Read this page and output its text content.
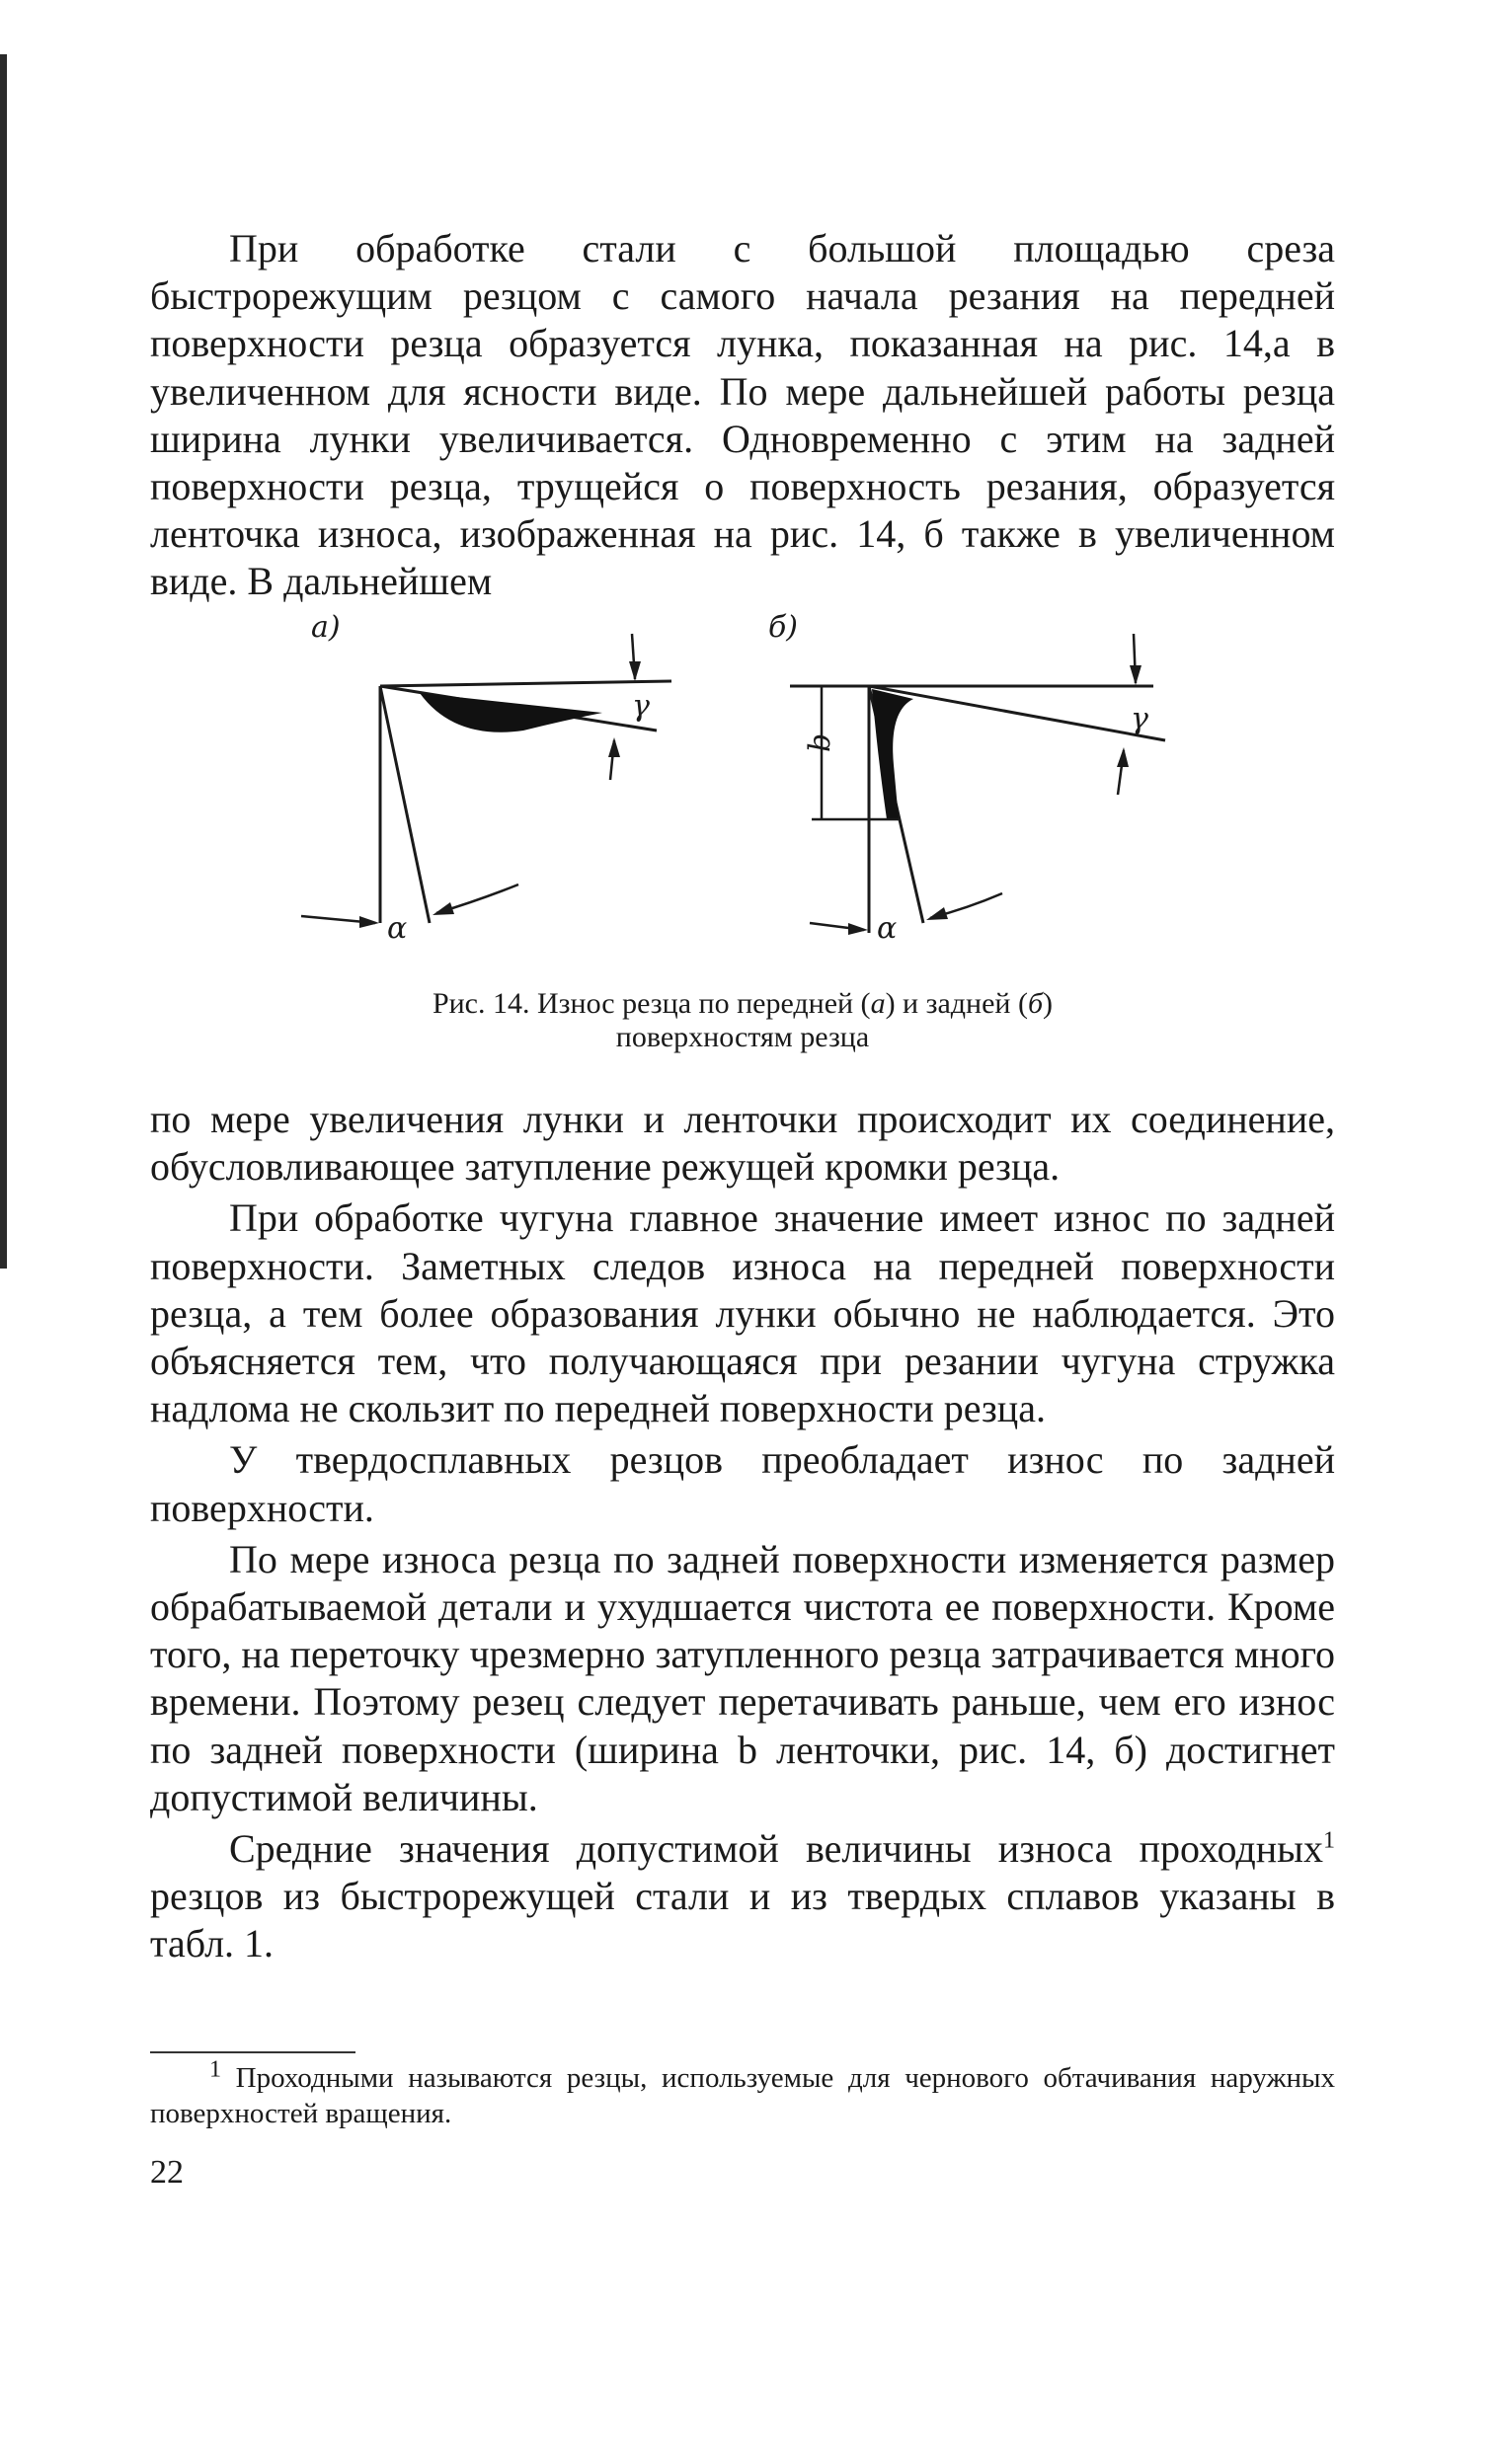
При обработке стали с большой площадью среза быстрорежущим резцом с самого начала резания на передней поверхности резца образуется лунка, показанная на рис. 14,а в увеличенном для ясности виде. По мере дальнейшей работы резца ширина лунки увеличивается. Одновременно с этим на задней поверхности резца, трущейся о поверхность резания, образуется ленточка износа, изображенная на рис. 14, б также в увеличенном виде. В дальнейшем

а)
γ
α
б)
b
γ
α
Рис. 14. Износ резца по передней (а) и задней (б)
поверхностям резца

по мере увеличения лунки и ленточки происходит их соединение, обусловливающее затупление режущей кромки резца.

При обработке чугуна главное значение имеет износ по задней поверхности. Заметных следов износа на передней поверхности резца, а тем более образования лунки обычно не наблюдается. Это объясняется тем, что получающаяся при резании чугуна стружка надлома не скользит по передней поверхности резца.

У твердосплавных резцов преобладает износ по задней поверхности.

По мере износа резца по задней поверхности изменяется размер обрабатываемой детали и ухудшается чистота ее поверхности. Кроме того, на переточку чрезмерно затупленного резца затрачивается много времени. Поэтому резец следует перетачивать раньше, чем его износ по задней поверхности (ширина b ленточки, рис. 14, б) достигнет допустимой величины.

Средние значения допустимой величины износа проходных$^1$ резцов из быстрорежущей стали и из твердых сплавов указаны в табл. 1.

$^1$ Проходными называются резцы, используемые для чернового обтачивания наружных поверхностей вращения.
22
